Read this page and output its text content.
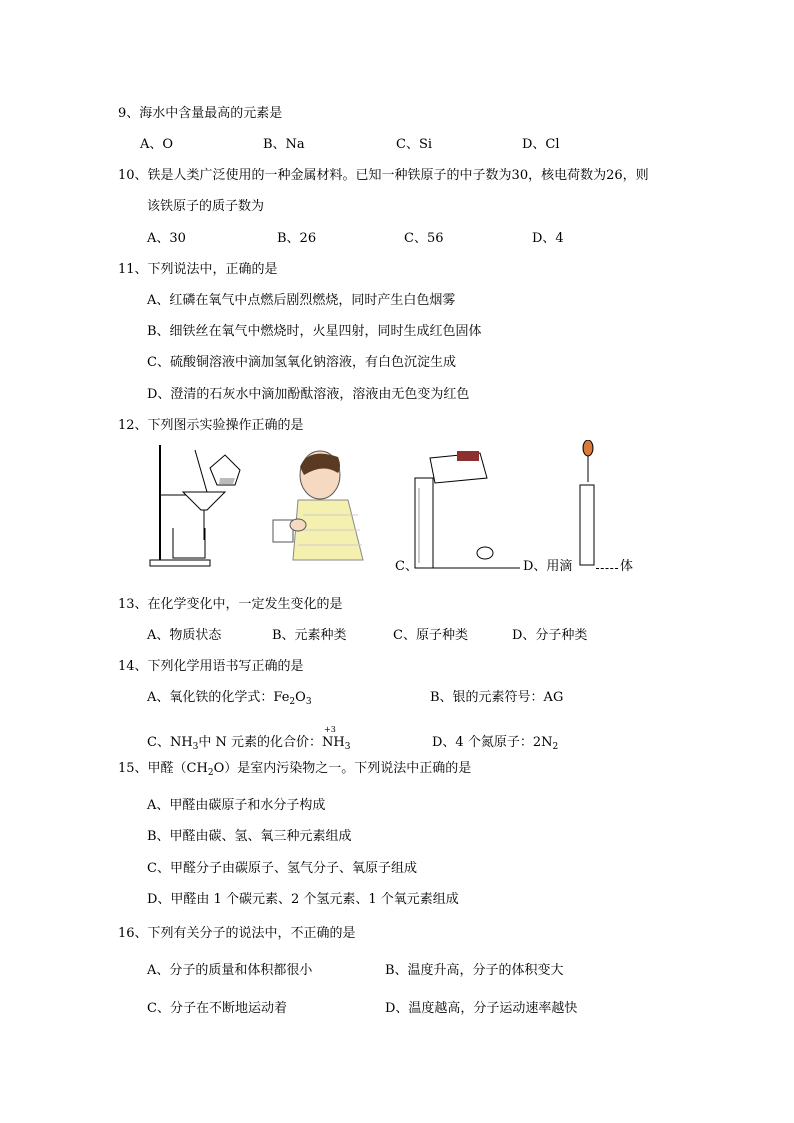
9、海水中含量最高的元素是
A、O	B、Na	C、Si	D、Cl
10、铁是人类广泛使用的一种金属材料。已知一种铁原子的中子数为30，核电荷数为26，则
该铁原子的质子数为
A、30	B、26	C、56	D、4
11、下列说法中，正确的是
A、红磷在氧气中点燃后剧烈燃烧，同时产生白色烟雾
B、细铁丝在氧气中燃烧时，火星四射，同时生成红色固体
C、硫酸铜溶液中滴加氢氧化钠溶液，有白色沉淀生成
D、澄清的石灰水中滴加酚酞溶液，溶液由无色变为红色
12、下列图示实验操作正确的是
C、	D、用滴	体
13、在化学变化中，一定发生变化的是
A、物质状态	B、元素种类	C、原子种类	D、分子种类
14、下列化学用语书写正确的是
A、氧化铁的化学式：$Fe_2O_3$	B、银的元素符号：AG
C、$NH_3$中 N 元素的化合价：
+3
$NH_3$	D、4 个氮原子：$2N_2$
15、甲醛$(CH_2O)$是室内污染物之一。下列说法中正确的是
A、甲醛由碳原子和水分子构成
B、甲醛由碳、氢、氧三种元素组成
C、甲醛分子由碳原子、氢气分子、氧原子组成
D、甲醛由 1 个碳元素、2 个氢元素、1 个氧元素组成
16、下列有关分子的说法中，不正确的是
A、分子的质量和体积都很小	B、温度升高，分子的体积变大
C、分子在不断地运动着	D、温度越高，分子运动速率越快
